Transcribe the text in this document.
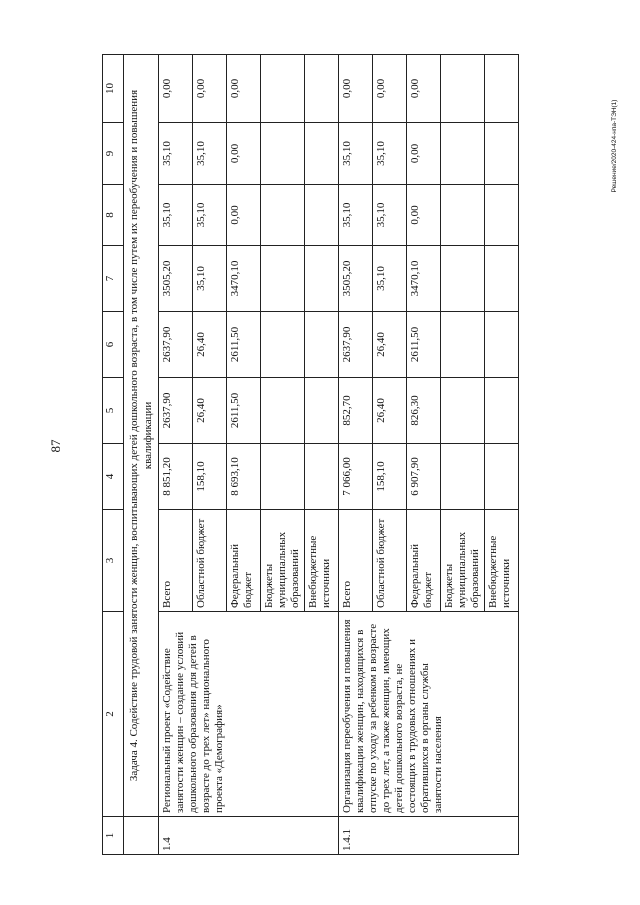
87
Решение/2020-424-нпа-ТЭН(1)
1	2	3	4	5	6	7	8	9	10
	Задача 4. Содействие трудовой занятости женщин, воспитывающих детей дошкольного возраста, в том числе путем их переобучения и повышения квалификации								
1.4	Региональный проект «Содействие занятости женщин – создание условий дошкольного образования для детей в возрасте до трех лет» национального проекта «Демография»	Всего	8 851,20	2637,90	2637,90	3505,20	35,10	35,10	0,00
		Областной бюджет	158,10	26,40	26,40	35,10	35,10	35,10	0,00
		Федеральный бюджет	8 693,10	2611,50	2611,50	3470,10	0,00	0,00	0,00
		Бюджеты муниципальных образований							
		Внебюджетные источники							
1.4.1	Организация переобучения и повышения квалификации женщин, находящихся в отпуске по уходу за ребенком в возрасте до трех лет, а также женщин, имеющих детей дошкольного возраста, не состоящих в трудовых отношениях и обратившихся в органы службы занятости населения	Всего	7 066,00	852,70	2637,90	3505,20	35,10	35,10	0,00
		Областной бюджет	158,10	26,40	26,40	35,10	35,10	35,10	0,00
		Федеральный бюджет	6 907,90	826,30	2611,50	3470,10	0,00	0,00	0,00
		Бюджеты муниципальных образований							
		Внебюджетные источники							
